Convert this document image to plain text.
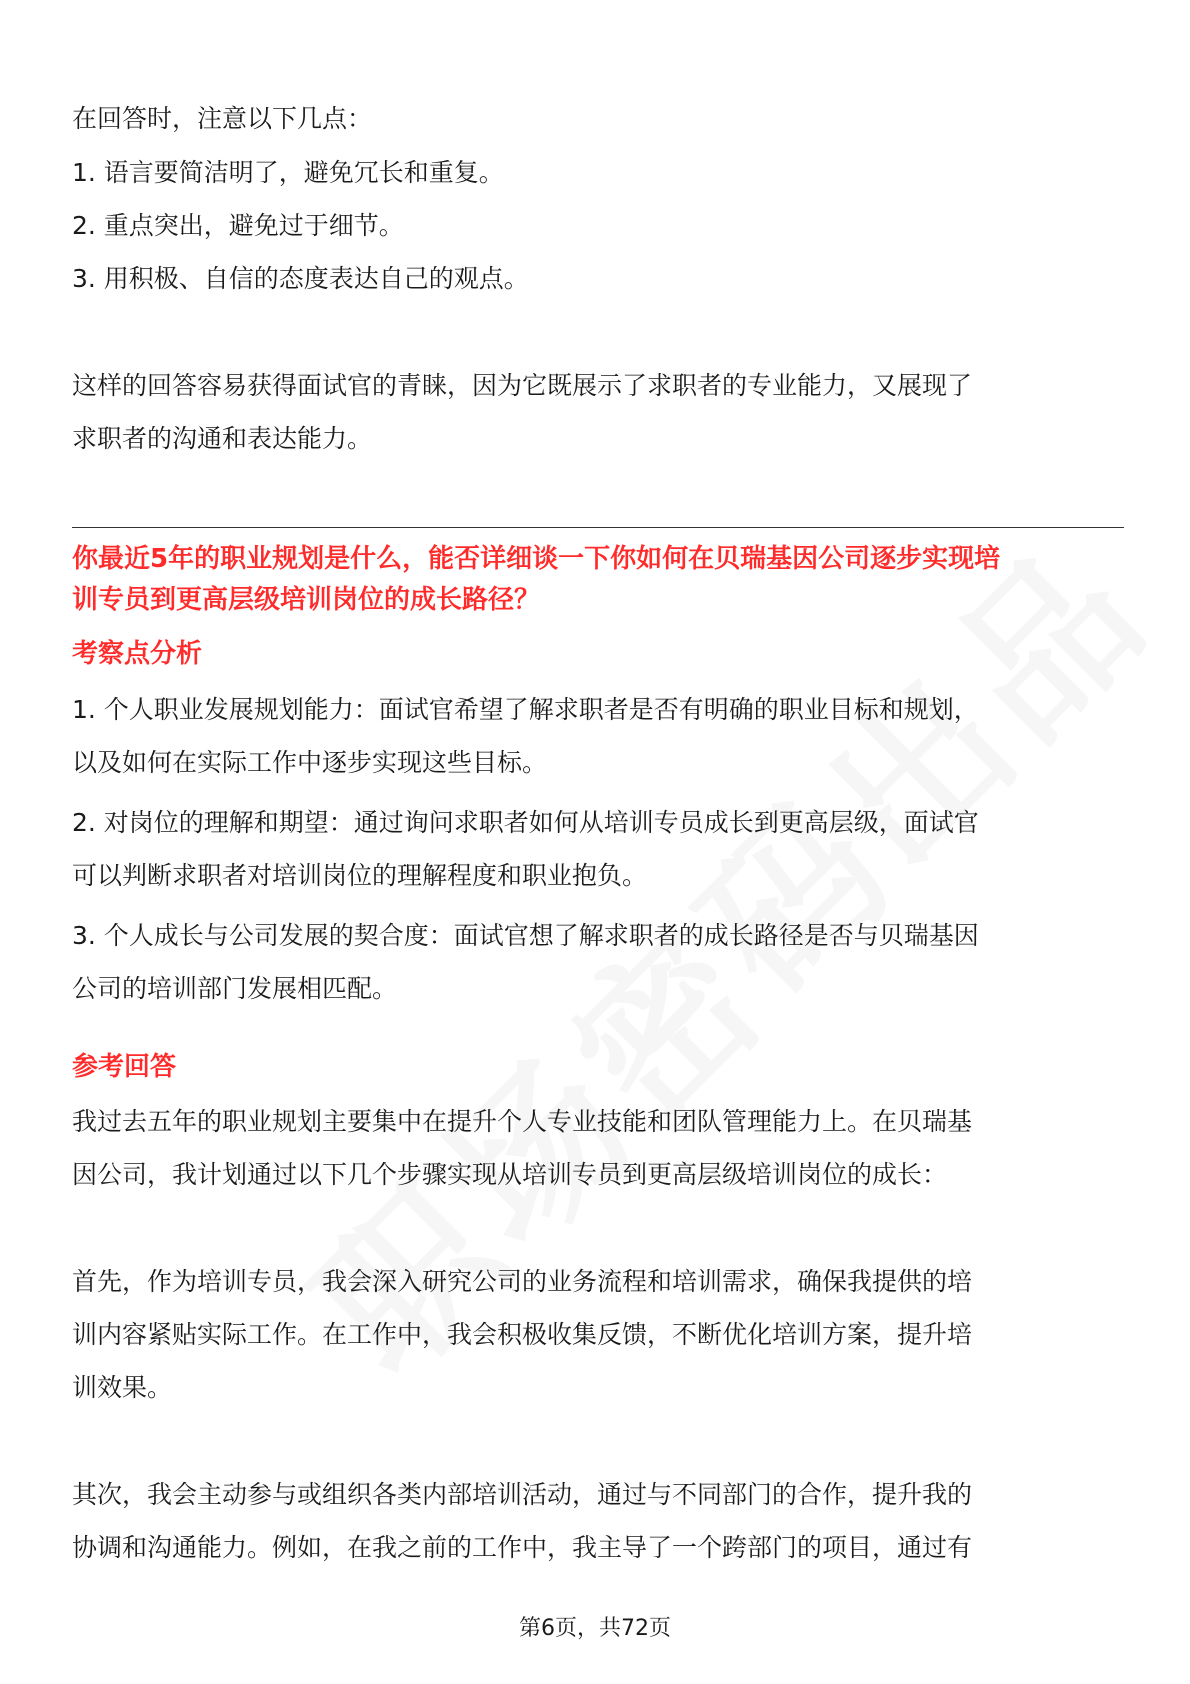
在回答时，注意以下几点：
1. 语言要简洁明了，避免冗长和重复。
2. 重点突出，避免过于细节。
3. 用积极、自信的态度表达自己的观点。
这样的回答容易获得面试官的青睐，因为它既展示了求职者的专业能力，又展现了
求职者的沟通和表达能力。
你最近5年的职业规划是什么，能否详细谈一下你如何在贝瑞基因公司逐步实现培
训专员到更高层级培训岗位的成长路径？
考察点分析
1. 个人职业发展规划能力：面试官希望了解求职者是否有明确的职业目标和规划，
以及如何在实际工作中逐步实现这些目标。
2. 对岗位的理解和期望：通过询问求职者如何从培训专员成长到更高层级，面试官
可以判断求职者对培训岗位的理解程度和职业抱负。
3. 个人成长与公司发展的契合度：面试官想了解求职者的成长路径是否与贝瑞基因
公司的培训部门发展相匹配。
参考回答
我过去五年的职业规划主要集中在提升个人专业技能和团队管理能力上。在贝瑞基
因公司，我计划通过以下几个步骤实现从培训专员到更高层级培训岗位的成长：
首先，作为培训专员，我会深入研究公司的业务流程和培训需求，确保我提供的培
训内容紧贴实际工作。在工作中，我会积极收集反馈，不断优化培训方案，提升培
训效果。
其次，我会主动参与或组织各类内部培训活动，通过与不同部门的合作，提升我的
协调和沟通能力。例如，在我之前的工作中，我主导了一个跨部门的项目，通过有
第6页，共72页
